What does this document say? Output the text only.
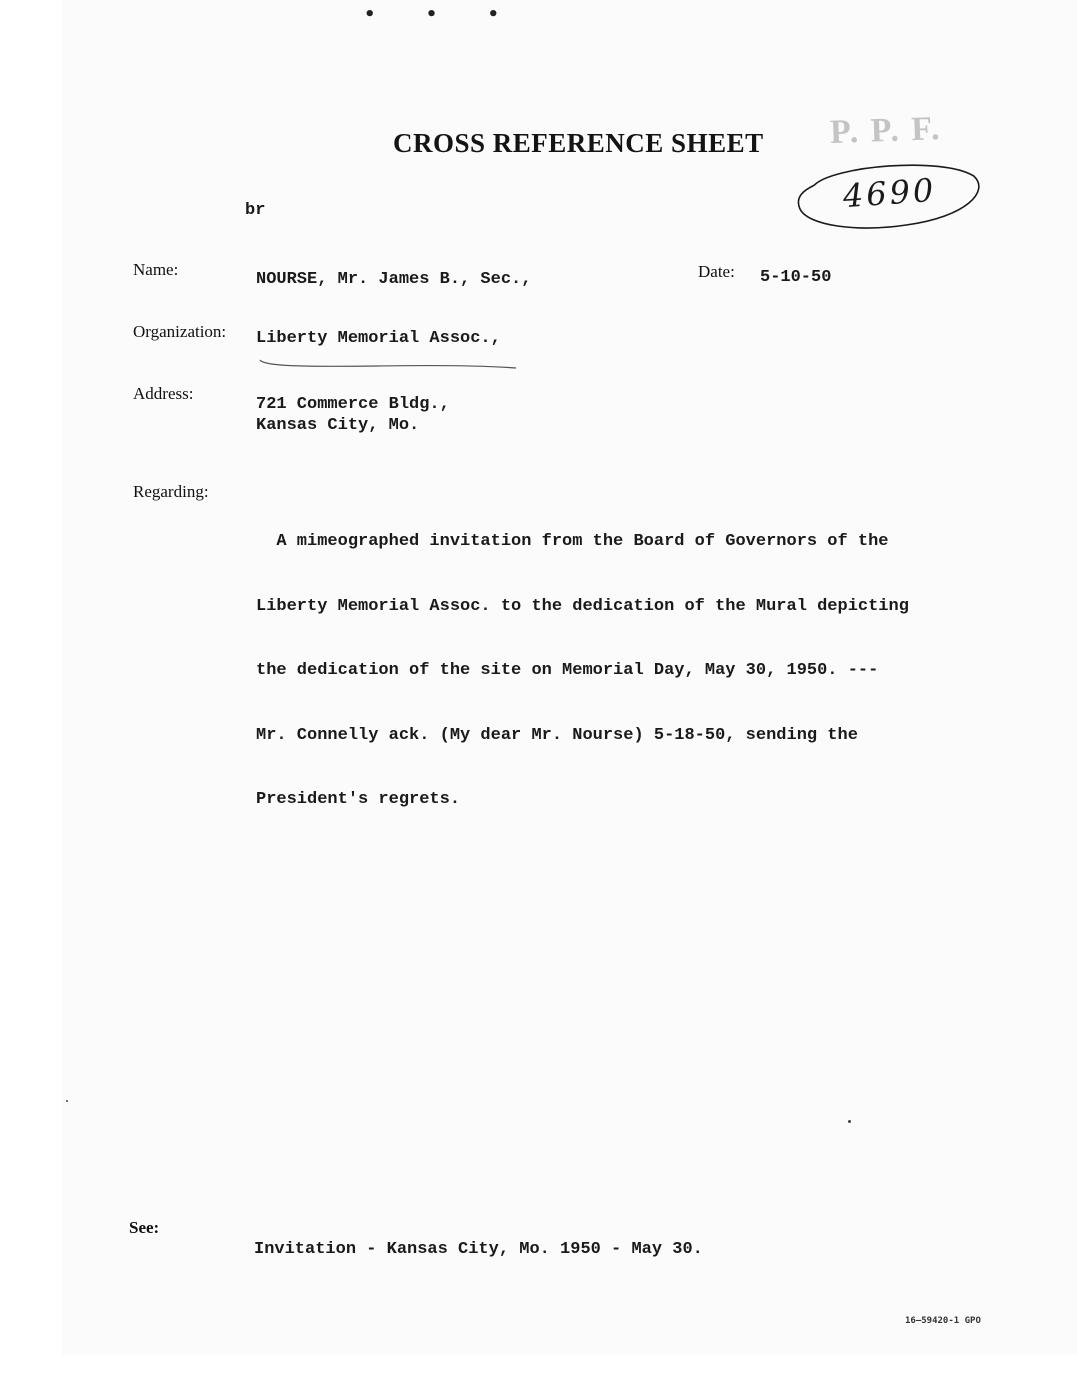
• • •
CROSS REFERENCE SHEET P. P. F.
4690
br
Name:
NOURSE, Mr. James B., Sec.,	Date: 5-10-50
Organization: Liberty Memorial Assoc.,
Address:
721 Commerce Bldg.,
Kansas City, Mo.
Regarding:

A mimeographed invitation from the Board of Governors of the

Liberty Memorial Assoc. to the dedication of the Mural depicting

the dedication of the site on Memorial Day, May 30, 1950. ---

Mr. Connelly ack. (My dear Mr. Nourse) 5-18-50, sending the

President's regrets.

See:
Invitation - Kansas City, Mo. 1950 - May 30.
16—59420-1 GPO
